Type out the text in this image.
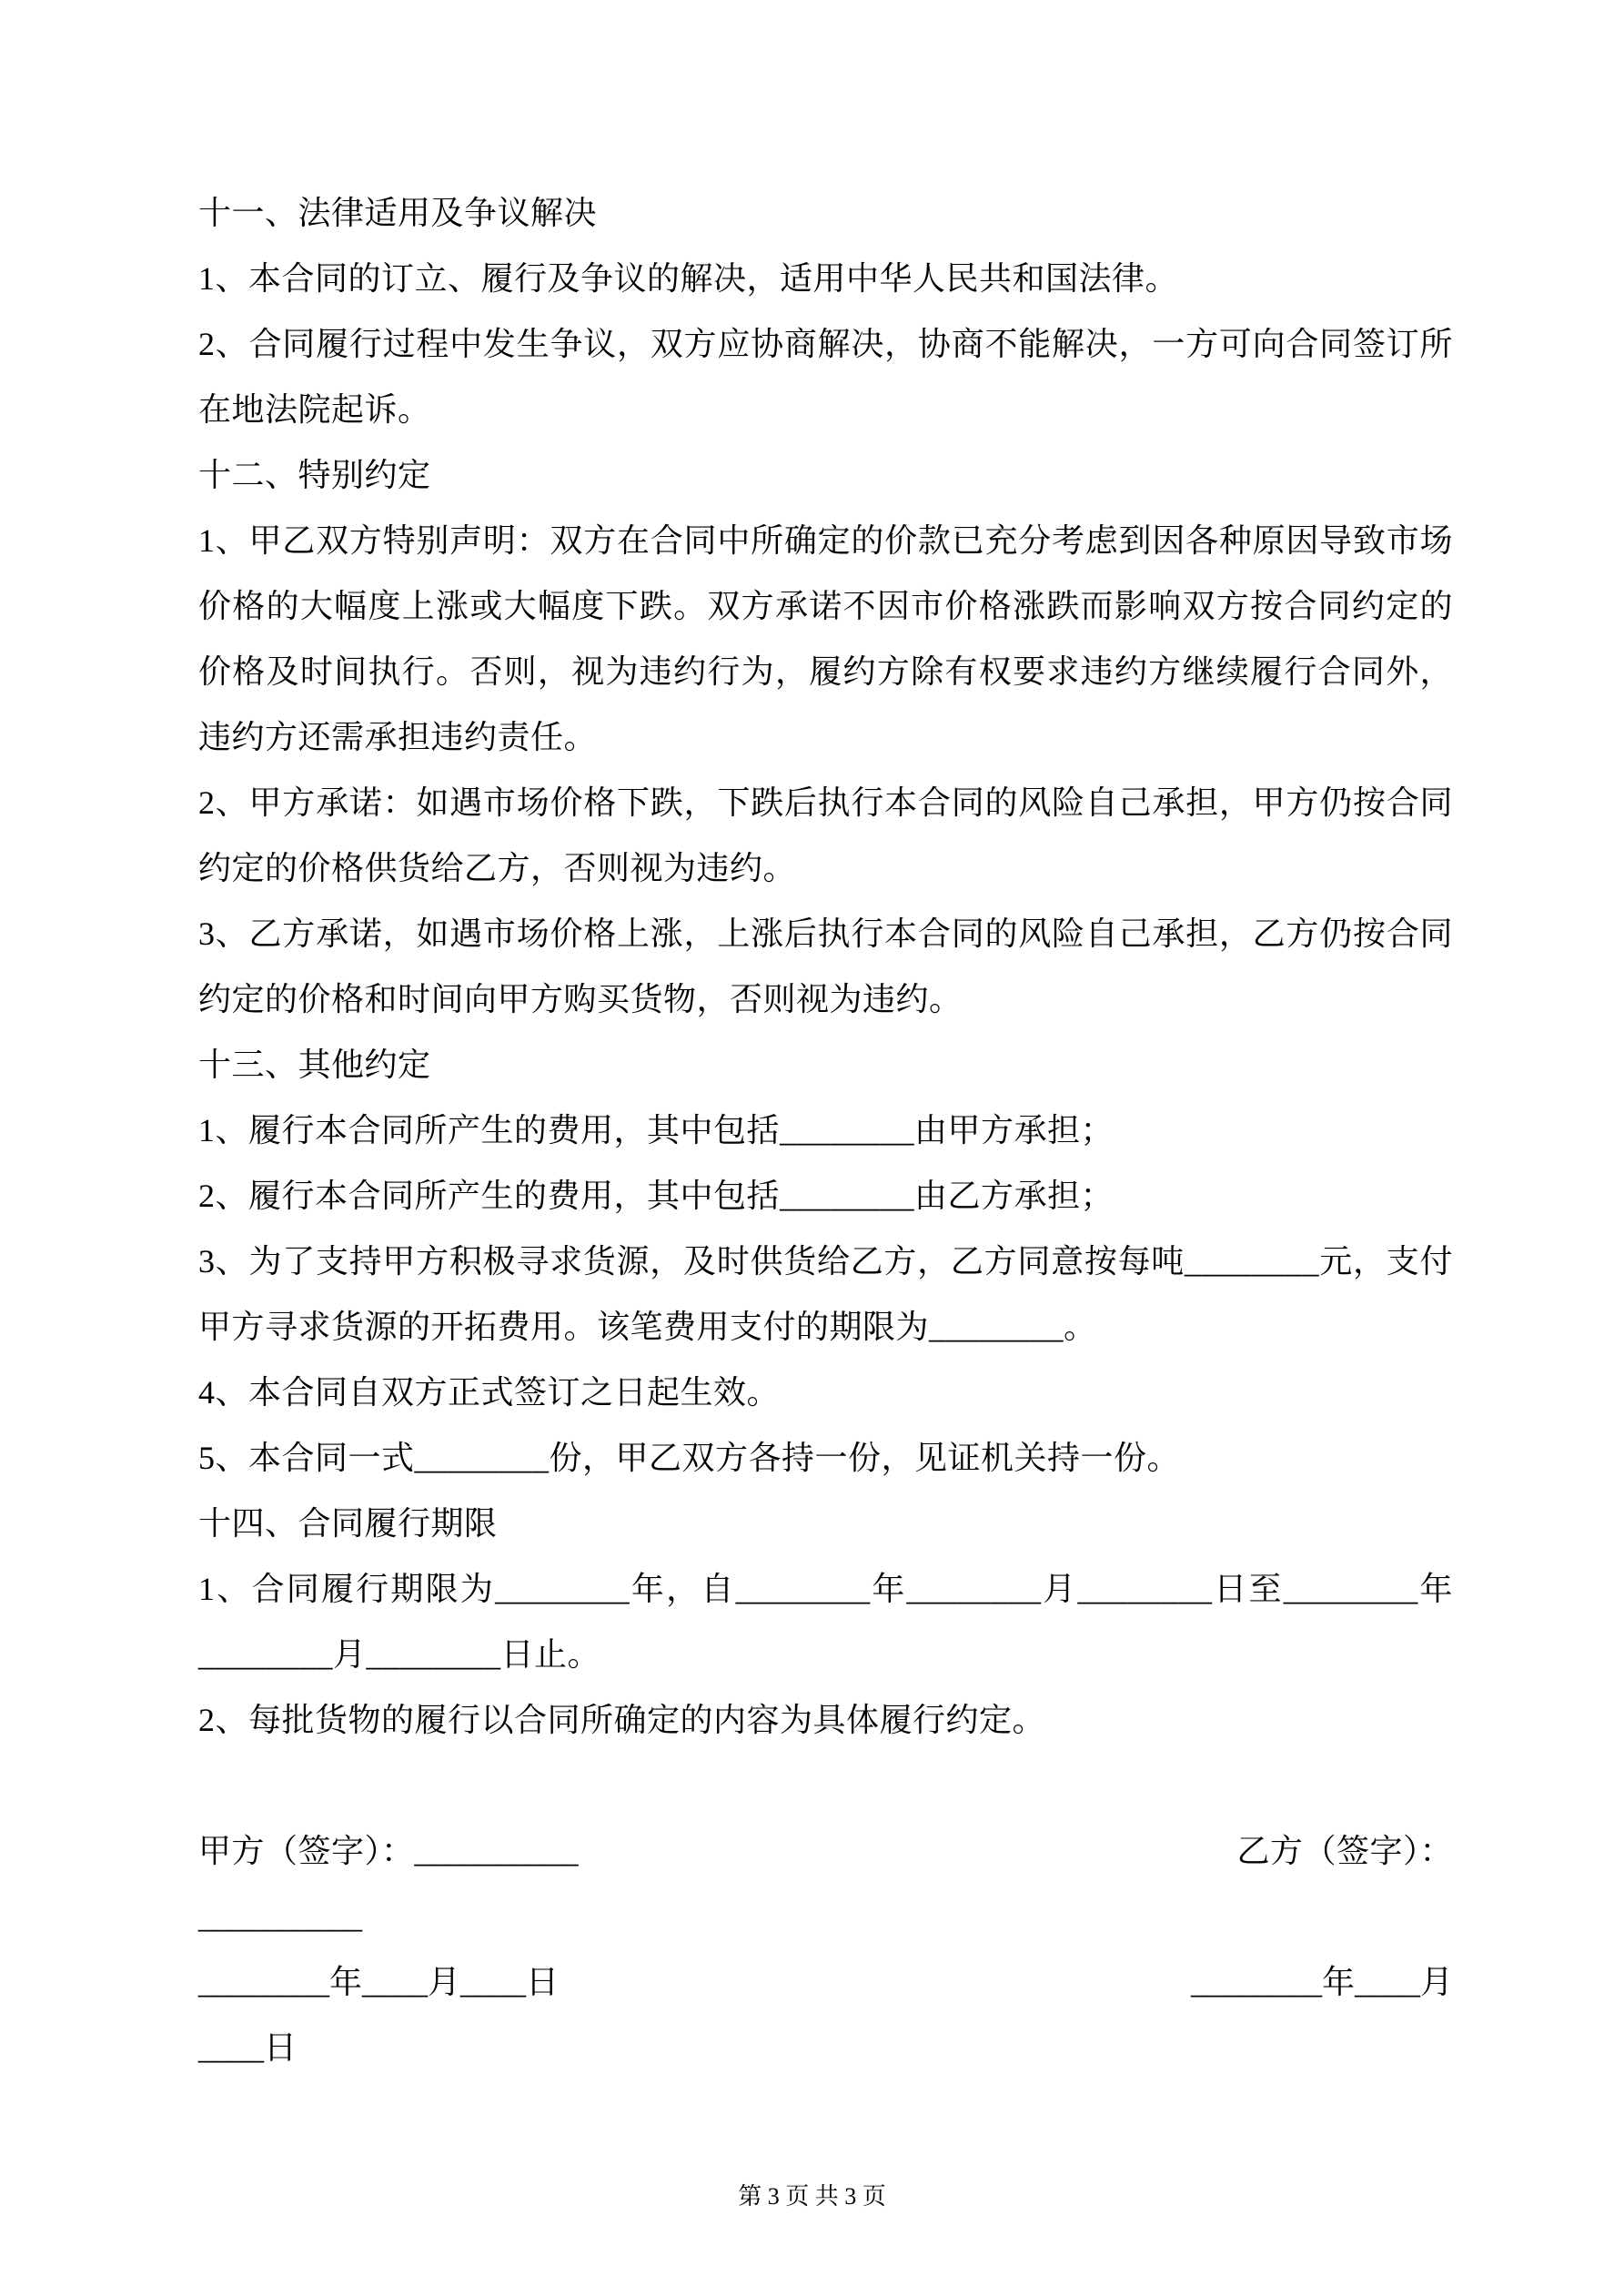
十一、法律适用及争议解决

1、本合同的订立、履行及争议的解决，适用中华人民共和国法律。

2、合同履行过程中发生争议，双方应协商解决，协商不能解决，一方可向合同签订所在地法院起诉。

十二、特别约定

1、甲乙双方特别声明：双方在合同中所确定的价款已充分考虑到因各种原因导致市场价格的大幅度上涨或大幅度下跌。双方承诺不因市价格涨跌而影响双方按合同约定的价格及时间执行。否则，视为违约行为，履约方除有权要求违约方继续履行合同外，违约方还需承担违约责任。

2、甲方承诺：如遇市场价格下跌，下跌后执行本合同的风险自己承担，甲方仍按合同约定的价格供货给乙方，否则视为违约。

3、乙方承诺，如遇市场价格上涨，上涨后执行本合同的风险自己承担，乙方仍按合同约定的价格和时间向甲方购买货物，否则视为违约。

十三、其他约定

1、履行本合同所产生的费用，其中包括________由甲方承担；

2、履行本合同所产生的费用，其中包括________由乙方承担；

3、为了支持甲方积极寻求货源，及时供货给乙方，乙方同意按每吨________元，支付甲方寻求货源的开拓费用。该笔费用支付的期限为________。

4、本合同自双方正式签订之日起生效。

5、本合同一式________份，甲乙双方各持一份，见证机关持一份。

十四、合同履行期限

1、合同履行期限为________年，自________年________月________日至________年________月________日止。

2、每批货物的履行以合同所确定的内容为具体履行约定。

甲方（签字）：__________	乙方（签字）：
__________
________年____月____日	________年____月
____日
第 3 页 共 3 页
